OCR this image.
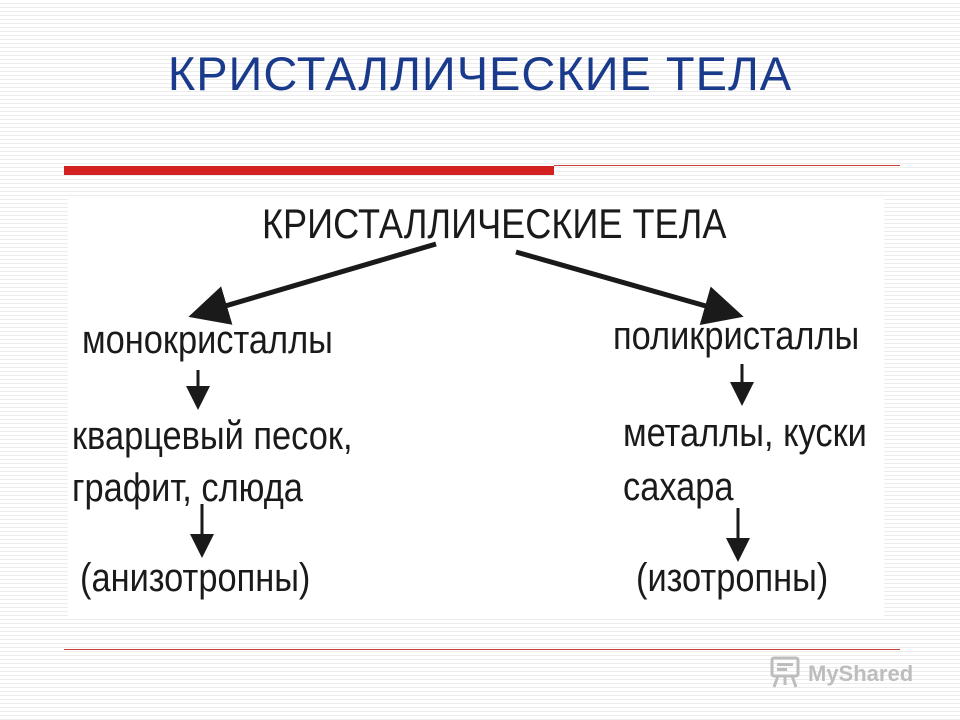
КРИСТАЛЛИЧЕСКИЕ ТЕЛА
КРИСТАЛЛИЧЕСКИЕ ТЕЛА
монокристаллы	поликристаллы
кварцевый песок,
графит, слюда
металлы, куски
сахара
(анизотропны)	(изотропны)
MyShared
